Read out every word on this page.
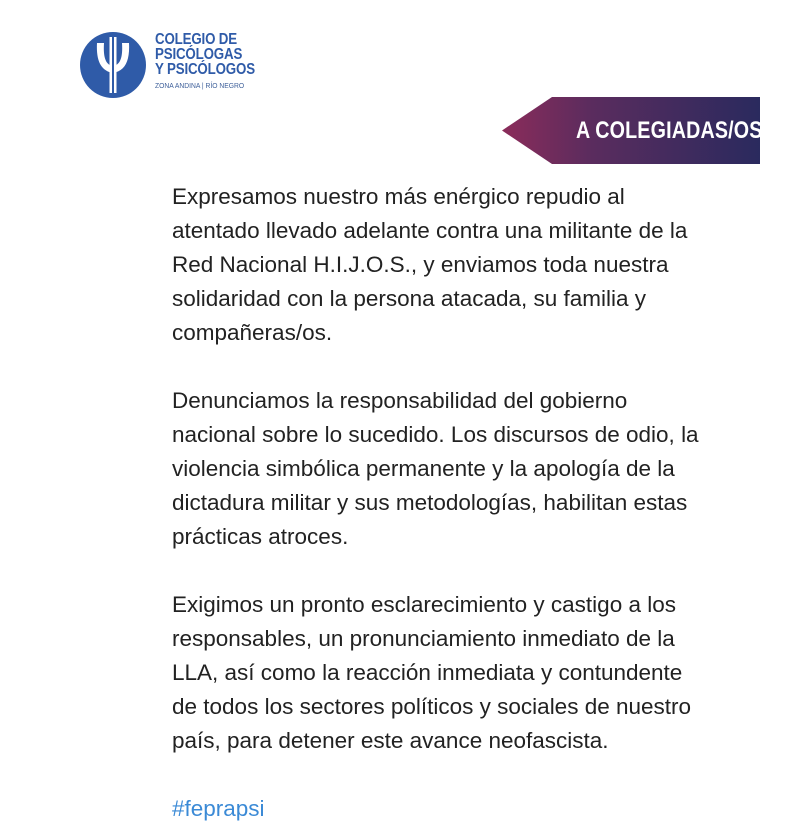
COLEGIO DE
PSICÓLOGAS
Y PSICÓLOGOS
ZONA ANDINA | RÍO NEGRO
A COLEGIADAS/OS
Expresamos nuestro más enérgico repudio al
atentado llevado adelante contra una militante de la
Red Nacional H.I.J.O.S., y enviamos toda nuestra
solidaridad con la persona atacada, su familia y
compañeras/os.
Denunciamos la responsabilidad del gobierno
nacional sobre lo sucedido. Los discursos de odio, la
violencia simbólica permanente y la apología de la
dictadura militar y sus metodologías, habilitan estas
prácticas atroces.
Exigimos un pronto esclarecimiento y castigo a los
responsables, un pronunciamiento inmediato de la
LLA, así como la reacción inmediata y contundente
de todos los sectores políticos y sociales de nuestro
país, para detener este avance neofascista.
#feprapsi
